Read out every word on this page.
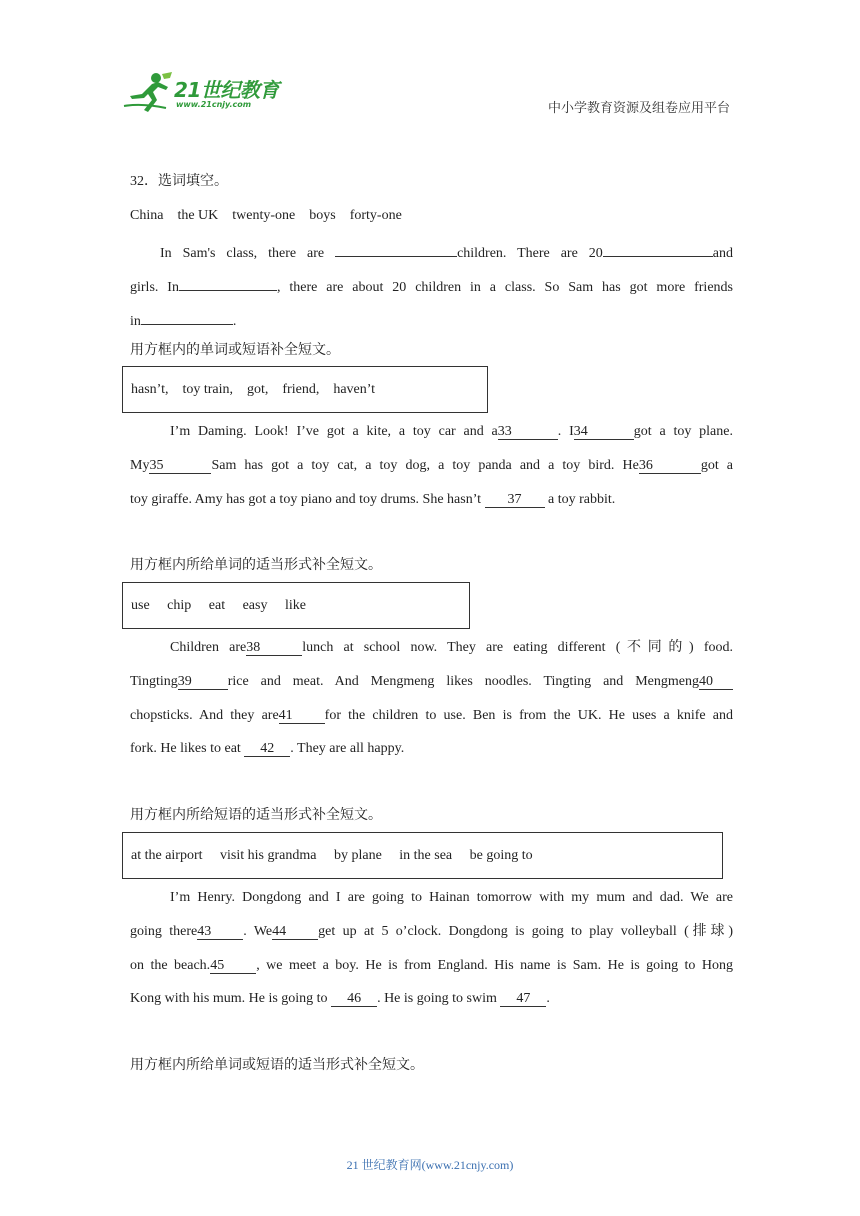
21世纪教育
www.21cnjy.com	中小学教育资源及组卷应用平台
32．选词填空。
China    the UK    twenty-one    boys    forty-one
In Sam's class, there are	children. There are 20	and
girls. In	, there are about 20 children in a class. So Sam has got more friends
in	.
用方框内的单词或短语补全短文。
hasn’t,    toy train,    got,    friend,    haven’t
I’m Daming. Look! I’ve got a kite, a toy car and a33	. I34	got a toy plane.
My35	Sam has got a toy cat, a toy dog, a toy panda and a toy bird. He36	got a
toy giraffe. Amy has got a toy piano and toy drums. She hasn’t 37 a toy rabbit.
用方框内所给单词的适当形式补全短文。
use     chip     eat     easy     like
Children are38	lunch at school now. They are eating different (不同的) food.
Tingting39	rice and meat. And Mengmeng likes noodles. Tingting and Mengmeng40
chopsticks. And they are41 for the children to use. Ben is from the UK. He uses a knife and
fork. He likes to eat 42 . They are all happy.
用方框内所给短语的适当形式补全短文。
at the airport     visit his grandma     by plane     in the sea     be going to
I’m Henry. Dongdong and I are going to Hainan tomorrow with my mum and dad. We are
going there43 . We44 get up at 5 o’clock. Dongdong is going to play volleyball (排球)
on the beach.45 , we meet a boy. He is from England. His name is Sam. He is going to Hong
Kong with his mum. He is going to 46 . He is going to swim 47 .
用方框内所给单词或短语的适当形式补全短文。
21 世纪教育网(www.21cnjy.com)
